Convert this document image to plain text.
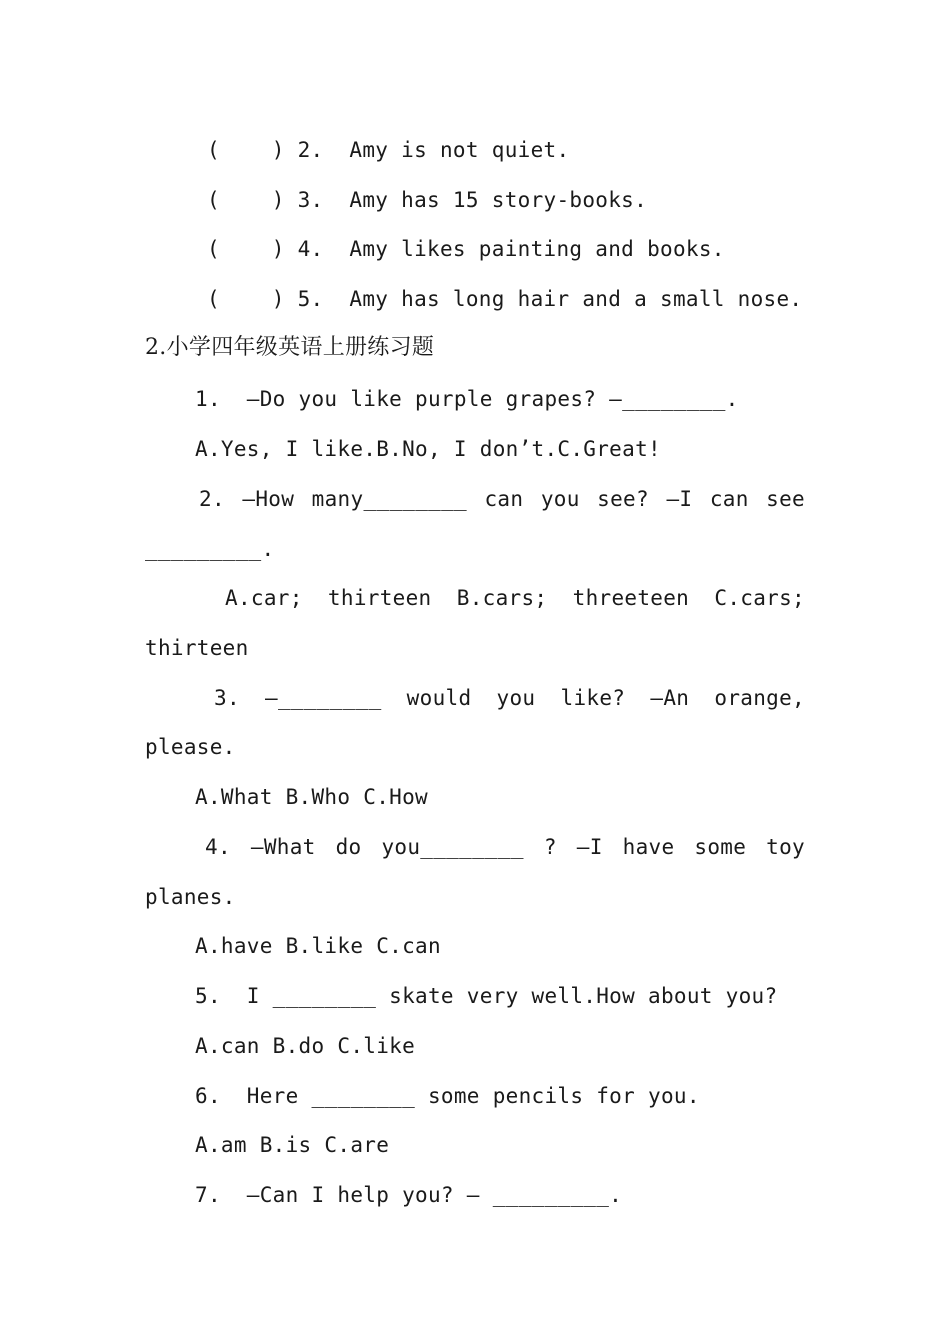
(    ) 2.  Amy is not quiet.
(    ) 3.  Amy has 15 story-books.
(    ) 4.  Amy likes painting and books.
(    ) 5.  Amy has long hair and a small nose.
2.小学四年级英语上册练习题
1.  —Do you like purple grapes? —________.
A.Yes, I like.B.No, I don’t.C.Great!
2. —How many________ can you see? —I can see
_________.
A.car; thirteen B.cars; threeteen C.cars;
thirteen
3. —________ would you like? —An orange,
please.
A.What B.Who C.How
4. —What do you________ ? —I have some toy
planes.
A.have B.like C.can
5.  I ________ skate very well.How about you?
A.can B.do C.like
6.  Here ________ some pencils for you.
A.am B.is C.are
7.  —Can I help you? — _________.
